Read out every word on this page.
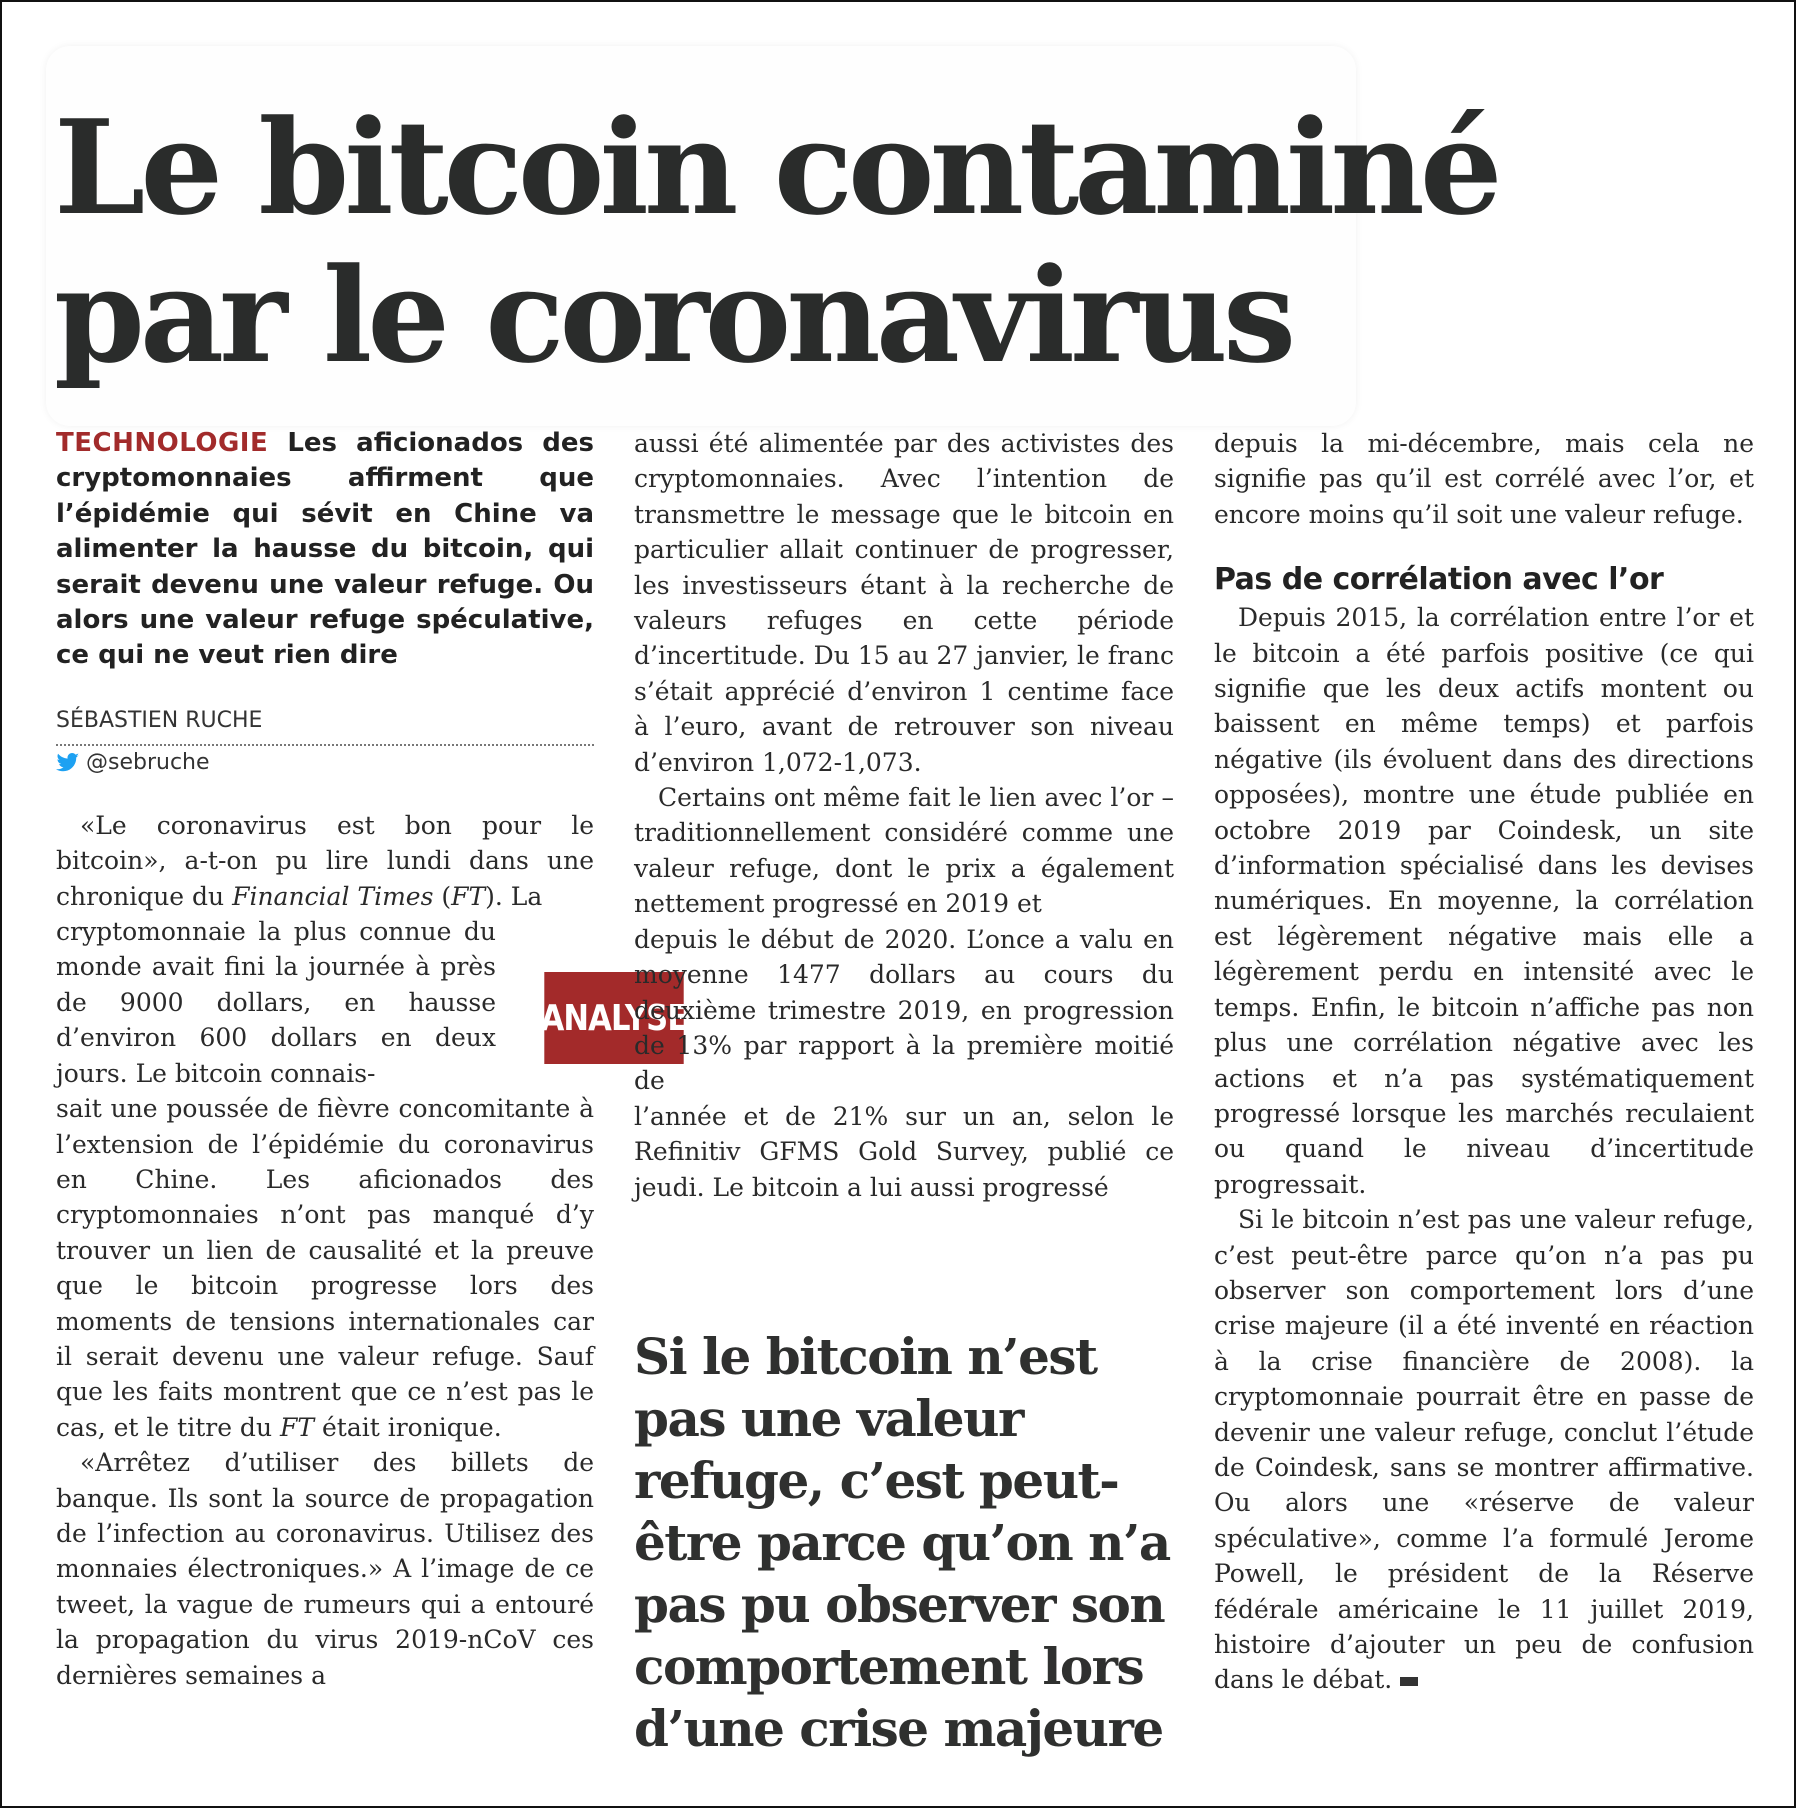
Le bitcoin contaminé
par le coronavirus

TECHNOLOGIE Les aficionados des cryptomonnaies affirment que l’épidémie qui sévit en Chine va alimenter la hausse du bitcoin, qui serait devenu une valeur refuge. Ou alors une valeur refuge spéculative, ce qui ne veut rien dire

SÉBASTIEN RUCHE
@sebruche

«Le coronavirus est bon pour le bitcoin», a-t-on pu lire lundi dans une chronique du Financial Times (FT). La

cryptomonnaie la plus connue du monde avait fini la journée à près de 9000 dollars, en hausse d’environ 600 dollars en deux jours. Le bitcoin connais-

sait une poussée de fièvre concomitante à l’extension de l’épidémie du coronavirus en Chine. Les aficionados des cryptomonnaies n’ont pas manqué d’y trouver un lien de causalité et la preuve que le bitcoin progresse lors des moments de tensions internationales car il serait devenu une valeur refuge. Sauf que les faits montrent que ce n’est pas le cas, et le titre du FT était ironique.

«Arrêtez d’utiliser des billets de banque. Ils sont la source de propagation de l’infection au coronavirus. Utilisez des monnaies électroniques.» A l’image de ce tweet, la vague de rumeurs qui a entouré la propagation du virus 2019-nCoV ces dernières semaines a

ANALYSE

aussi été alimentée par des activistes des cryptomonnaies. Avec l’intention de transmettre le message que le bitcoin en particulier allait continuer de progresser, les investisseurs étant à la recherche de valeurs refuges en cette période d’incertitude. Du 15 au 27 janvier, le franc s’était apprécié d’environ 1 centime face à l’euro, avant de retrouver son niveau d’environ 1,072-1,073.

Certains ont même fait le lien avec l’or – traditionnellement considéré comme une valeur refuge, dont le prix a également nettement progressé en 2019 et

depuis le début de 2020. L’once a valu en moyenne 1477 dollars au cours du deuxième trimestre 2019, en progression de 13% par rapport à la première moitié de

l’année et de 21% sur un an, selon le Refinitiv GFMS Gold Survey, publié ce jeudi. Le bitcoin a lui aussi progressé

Si le bitcoin n’est pas une valeur refuge, c’est peut-être parce qu’on n’a pas pu observer son comportement lors d’une crise majeure

depuis la mi-décembre, mais cela ne signifie pas qu’il est corrélé avec l’or, et encore moins qu’il soit une valeur refuge.

Pas de corrélation avec l’or

Depuis 2015, la corrélation entre l’or et le bitcoin a été parfois positive (ce qui signifie que les deux actifs montent ou baissent en même temps) et parfois négative (ils évoluent dans des directions opposées), montre une étude publiée en octobre 2019 par Coindesk, un site d’information spécialisé dans les devises numériques. En moyenne, la corrélation est légèrement négative mais elle a légèrement perdu en intensité avec le temps. Enfin, le bitcoin n’affiche pas non plus une corrélation négative avec les actions et n’a pas systématiquement progressé lorsque les marchés reculaient ou quand le niveau d’incertitude progressait.

Si le bitcoin n’est pas une valeur refuge, c’est peut-être parce qu’on n’a pas pu observer son comportement lors d’une crise majeure (il a été inventé en réaction à la crise financière de 2008). la cryptomonnaie pourrait être en passe de devenir une valeur refuge, conclut l’étude de Coindesk, sans se montrer affirmative. Ou alors une «réserve de valeur spéculative», comme l’a formulé Jerome Powell, le président de la Réserve fédérale américaine le 11 juillet 2019, histoire d’ajouter un peu de confusion dans le débat.
